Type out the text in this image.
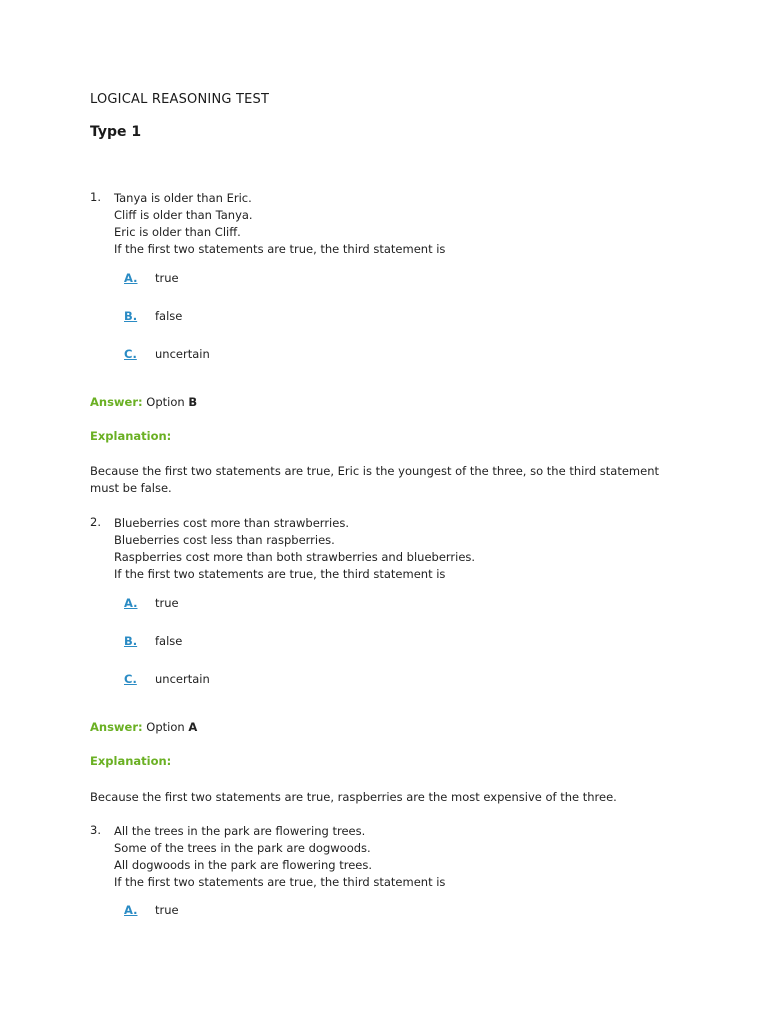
LOGICAL REASONING TEST
Type 1
1. Tanya is older than Eric.
Cliff is older than Tanya.
Eric is older than Cliff.
If the first two statements are true, the third statement is
A. true
B. false
C. uncertain
Answer: Option B
Explanation:
Because the first two statements are true, Eric is the youngest of the three, so the third statement must be false.
2. Blueberries cost more than strawberries.
Blueberries cost less than raspberries.
Raspberries cost more than both strawberries and blueberries.
If the first two statements are true, the third statement is
A. true
B. false
C. uncertain
Answer: Option A
Explanation:
Because the first two statements are true, raspberries are the most expensive of the three.
3. All the trees in the park are flowering trees.
Some of the trees in the park are dogwoods.
All dogwoods in the park are flowering trees.
If the first two statements are true, the third statement is
A. true
